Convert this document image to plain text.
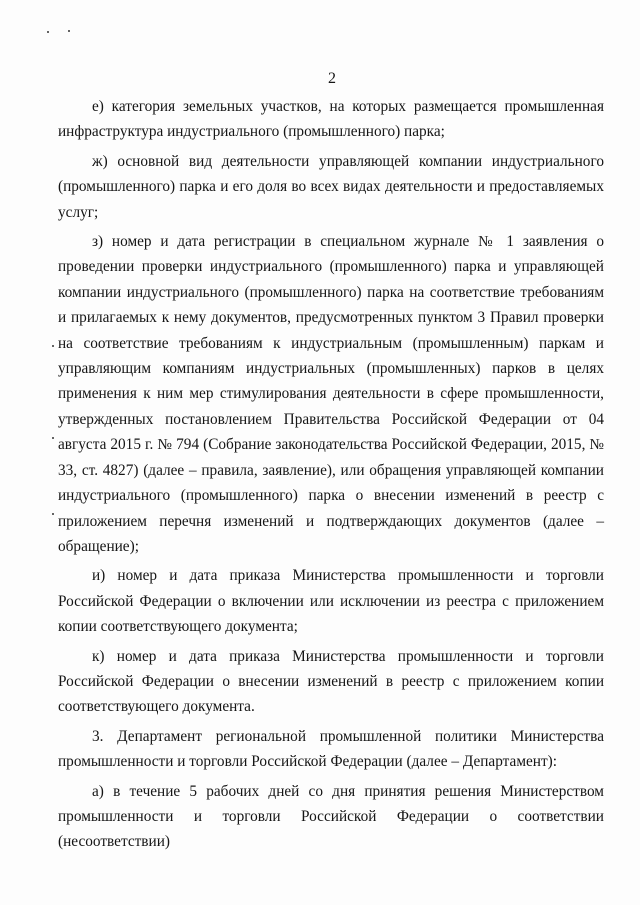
2

е) категория земельных участков, на которых размещается промышленная инфраструктура индустриального (промышленного) парка;

ж) основной вид деятельности управляющей компании индустриального (промышленного) парка и его доля во всех видах деятельности и предоставляемых услуг;

з) номер и дата регистрации в специальном журнале № 1 заявления о проведении проверки индустриального (промышленного) парка и управляющей компании индустриального (промышленного) парка на соответствие требованиям и прилагаемых к нему документов, предусмотренных пунктом 3 Правил проверки на соответствие требованиям к индустриальным (промышленным) паркам и управляющим компаниям индустриальных (промышленных) парков в целях применения к ним мер стимулирования деятельности в сфере промышленности, утвержденных постановлением Правительства Российской Федерации от 04 августа 2015 г. № 794 (Собрание законодательства Российской Федерации, 2015, № 33, ст. 4827) (далее – правила, заявление), или обращения управляющей компании индустриального (промышленного) парка о внесении изменений в реестр с приложением перечня изменений и подтверждающих документов (далее – обращение);

и) номер и дата приказа Министерства промышленности и торговли Российской Федерации о включении или исключении из реестра с приложением копии соответствующего документа;

к) номер и дата приказа Министерства промышленности и торговли Российской Федерации о внесении изменений в реестр с приложением копии соответствующего документа.

3. Департамент региональной промышленной политики Министерства промышленности и торговли Российской Федерации (далее – Департамент):

а) в течение 5 рабочих дней со дня принятия решения Министерством промышленности и торговли Российской Федерации о соответствии (несоответствии)
